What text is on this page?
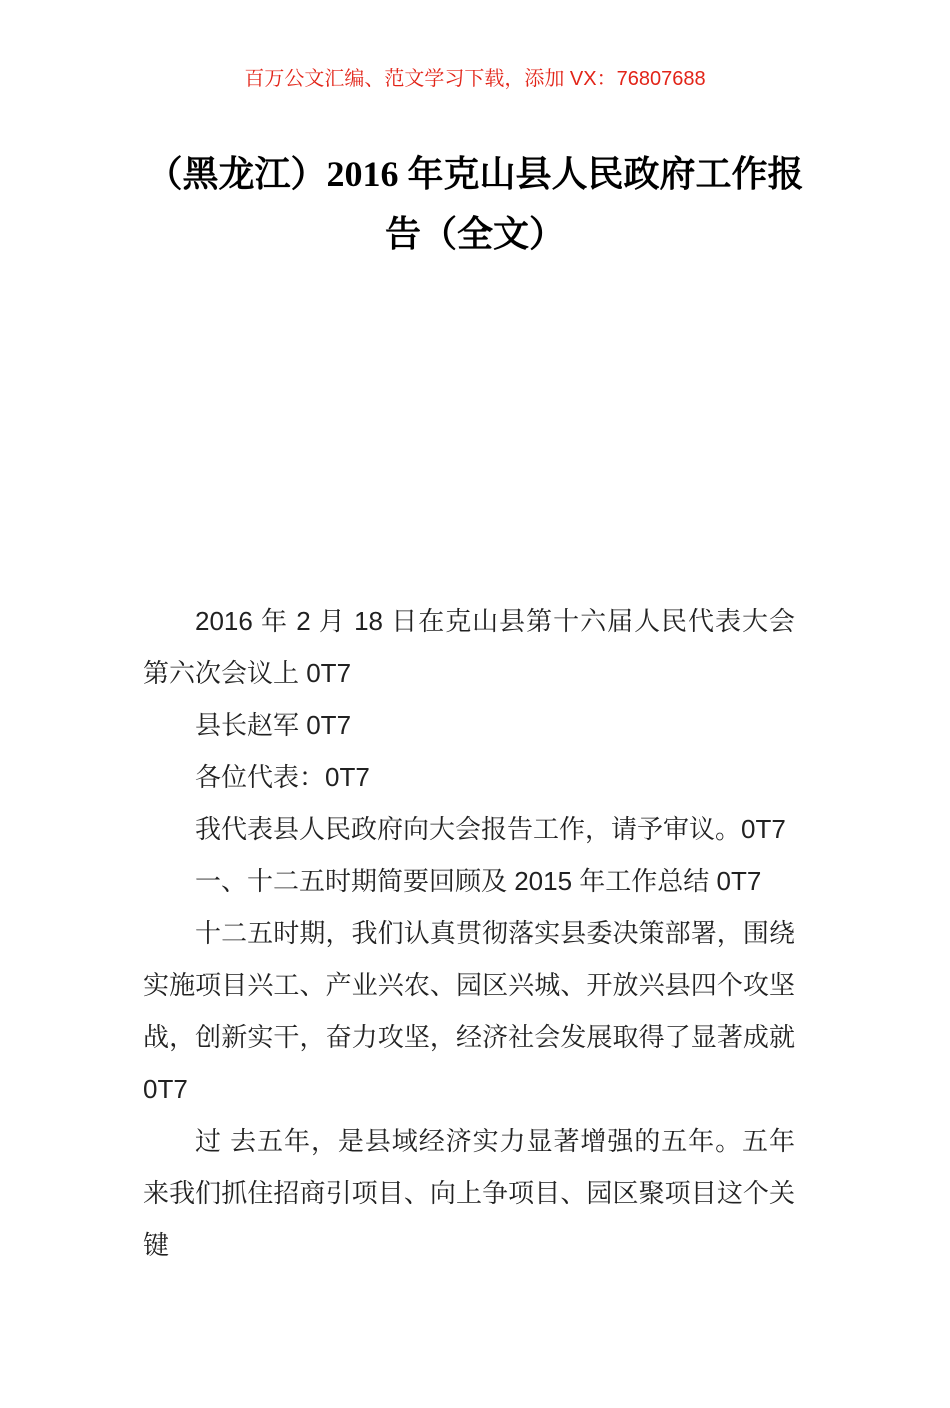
百万公文汇编、范文学习下载，添加 VX：76807688
（黑龙江）2016 年克山县人民政府工作报告（全文）

2016 年 2 月 18 日在克山县第十六届人民代表大会第六次会议上 0T7

县长赵军 0T7

各位代表：0T7

我代表县人民政府向大会报告工作，请予审议。0T7

一、十二五时期简要回顾及 2015 年工作总结 0T7

十二五时期，我们认真贯彻落实县委决策部署，围绕实施项目兴工、产业兴农、园区兴城、开放兴县四个攻坚战，创新实干，奋力攻坚，经济社会发展取得了显著成就 0T7

过 去五年，是县域经济实力显著增强的五年。五年来我们抓住招商引项目、向上争项目、园区聚项目这个关键
